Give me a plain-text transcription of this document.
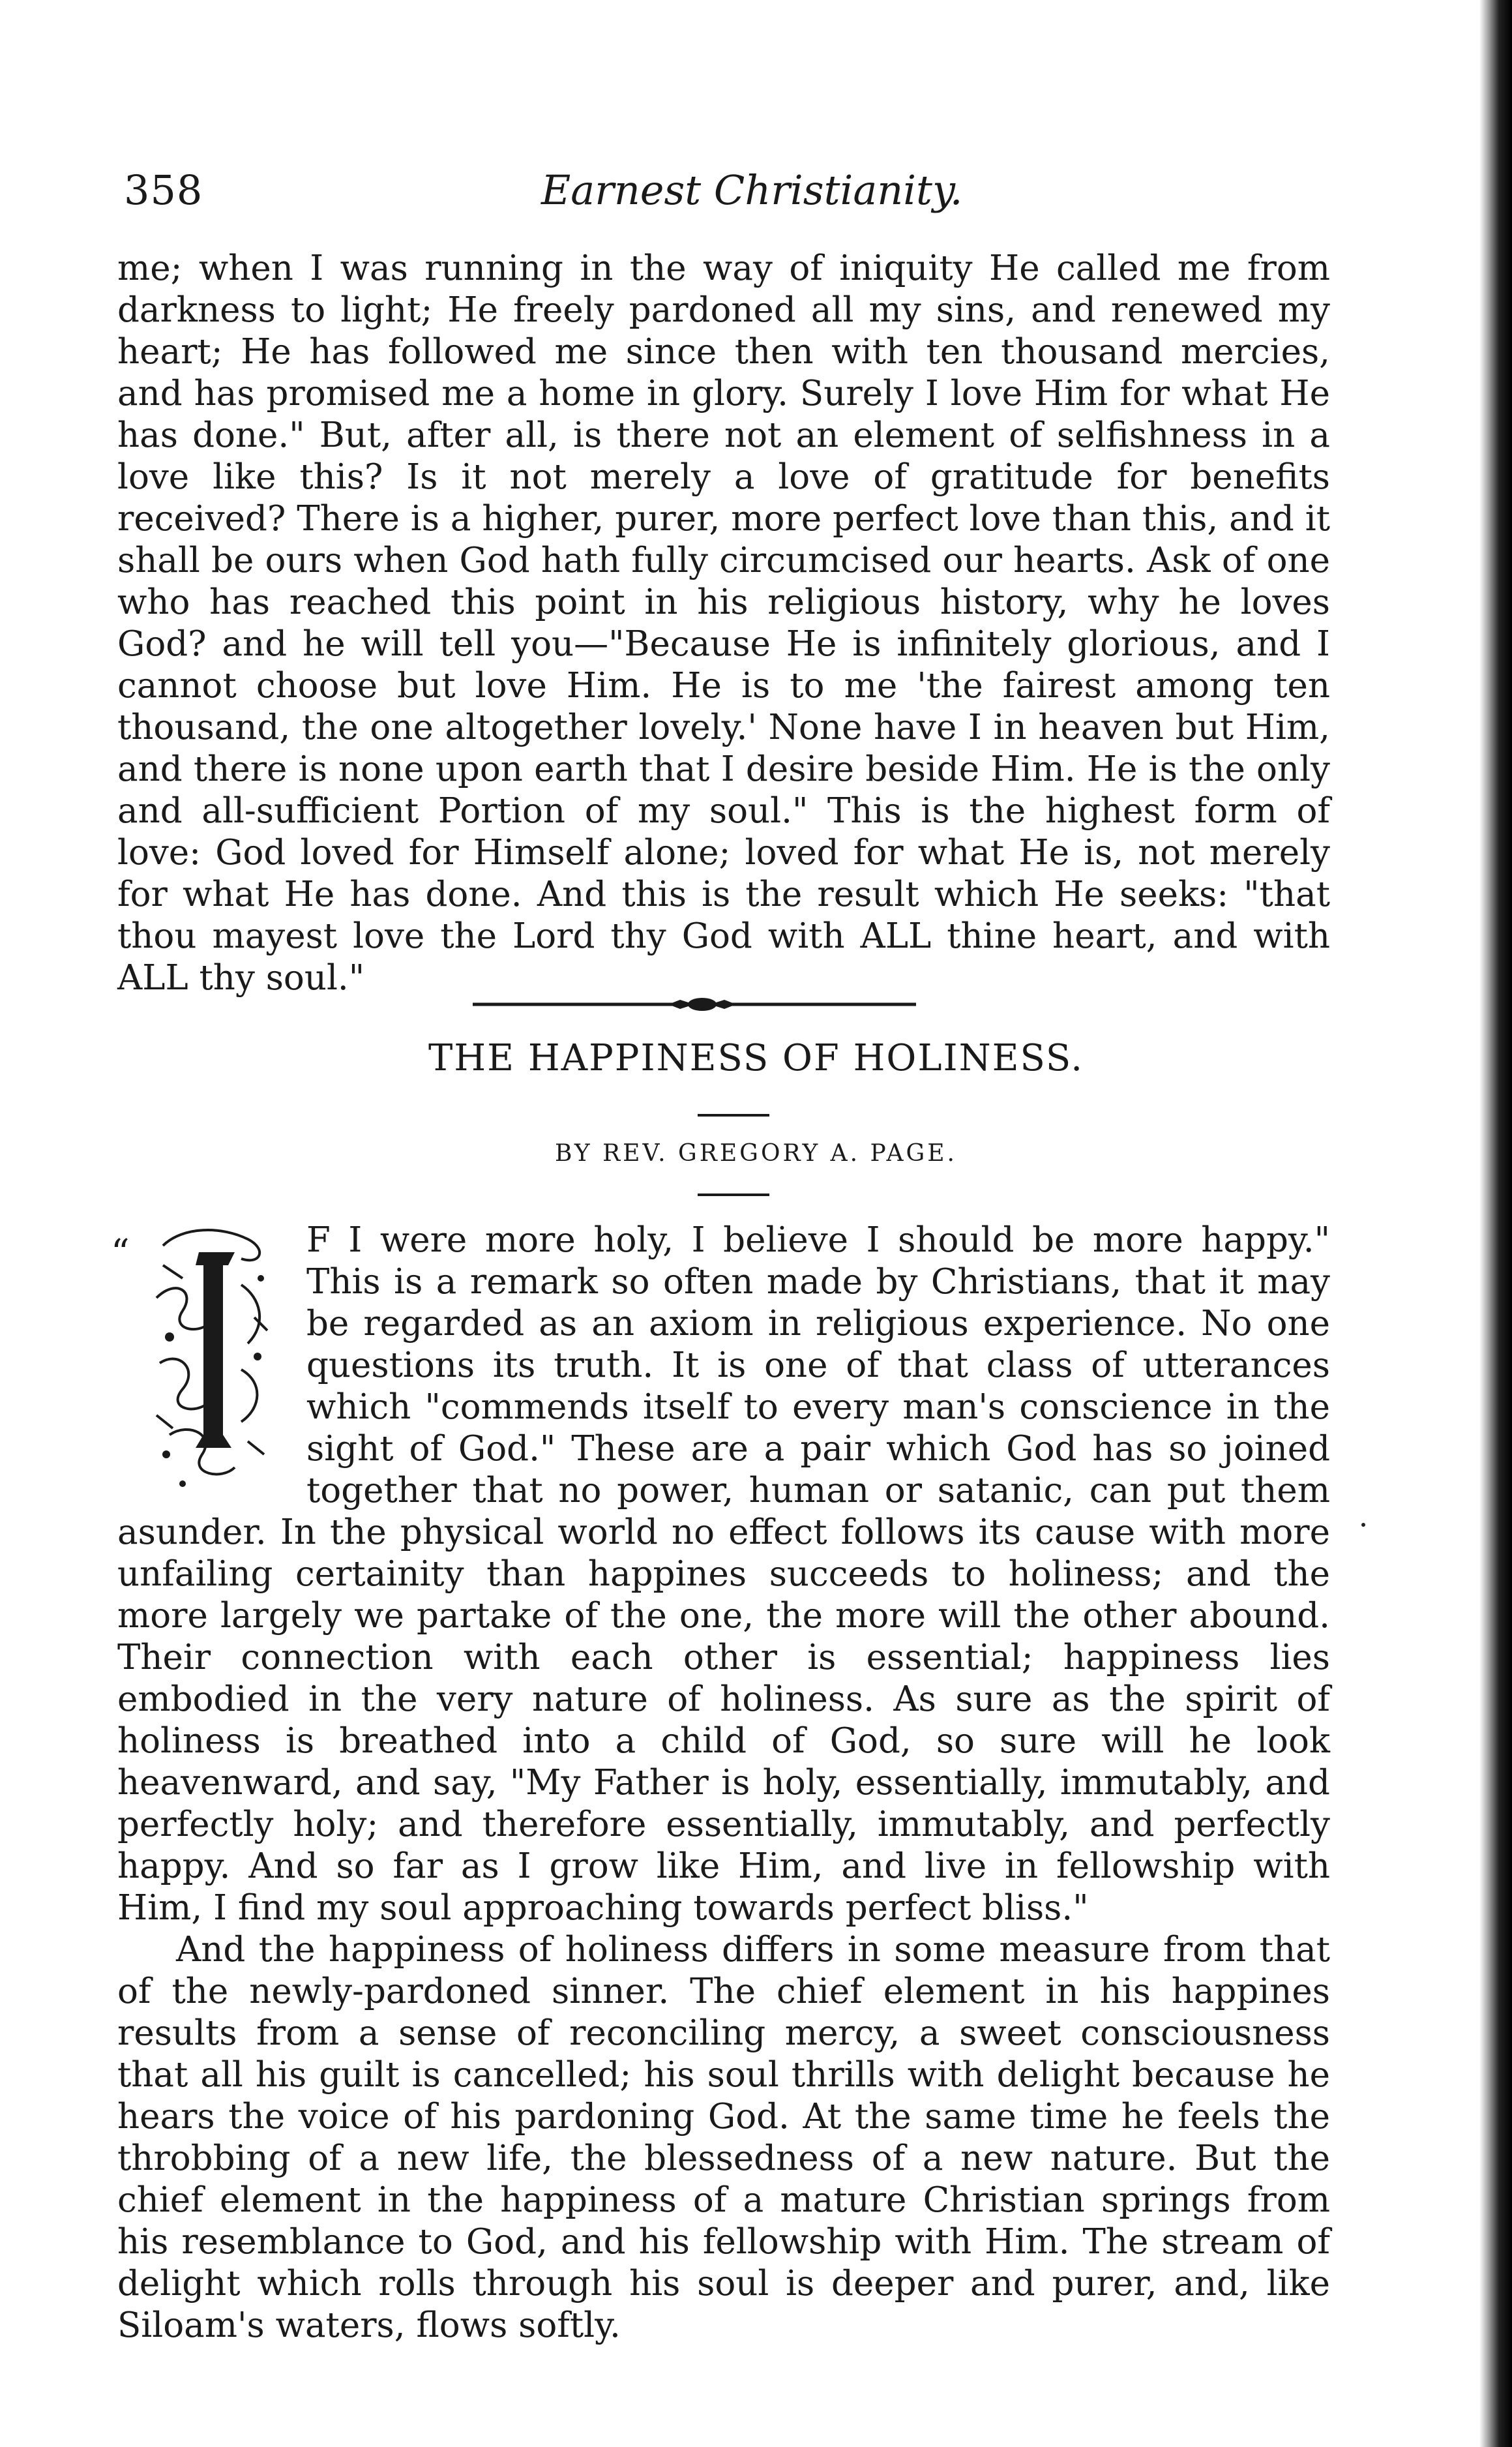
358	Earnest Christianity.

me; when I was running in the way of iniquity He called me from darkness to light; He freely pardoned all my sins, and renewed my heart; He has followed me since then with ten thousand mercies, and has promised me a home in glory. Surely I love Him for what He has done." But, after all, is there not an element of selfishness in a love like this? Is it not merely a love of gratitude for benefits received? There is a higher, purer, more perfect love than this, and it shall be ours when God hath fully circumcised our hearts. Ask of one who has reached this point in his religious history, why he loves God? and he will tell you—"Because He is infinitely glorious, and I cannot choose but love Him. He is to me 'the fairest among ten thousand, the one altogether lovely.' None have I in heaven but Him, and there is none upon earth that I desire beside Him. He is the only and all-sufficient Portion of my soul." This is the highest form of love: God loved for Himself alone; loved for what He is, not merely for what He has done. And this is the result which He seeks: "that thou mayest love the Lord thy God with ALL thine heart, and with ALL thy soul."

THE HAPPINESS OF HOLINESS.
BY REV. GREGORY A. PAGE.
“	F I were more holy, I believe I should be more happy." This is a remark so often made by Christians, that it may be regarded as an axiom in religious experience. No one questions its truth. It is one of that class of utterances which "commends itself to every man's conscience in the sight of God." These are a pair which God has so joined together that no power, human or satanic, can put them asunder. In the physical world no effect follows its cause with more unfailing certainity than happines succeeds to holiness; and the more largely we partake of the one, the more will the other abound. Their connection with each other is essential; happiness lies embodied in the very nature of holiness. As sure as the spirit of holiness is breathed into a child of God, so sure will he look heavenward, and say, "My Father is holy, essentially, immutably, and perfectly holy; and therefore essentially, immutably, and perfectly happy. And so far as I grow like Him, and live in fellowship with Him, I find my soul approaching towards perfect bliss."

And the happiness of holiness differs in some measure from that of the newly-pardoned sinner. The chief element in his happines results from a sense of reconciling mercy, a sweet consciousness that all his guilt is cancelled; his soul thrills with delight because he hears the voice of his pardoning God. At the same time he feels the throbbing of a new life, the blessedness of a new nature. But the chief element in the happiness of a mature Christian springs from his resemblance to God, and his fellowship with Him. The stream of delight which rolls through his soul is deeper and purer, and, like Siloam's waters, flows softly.
